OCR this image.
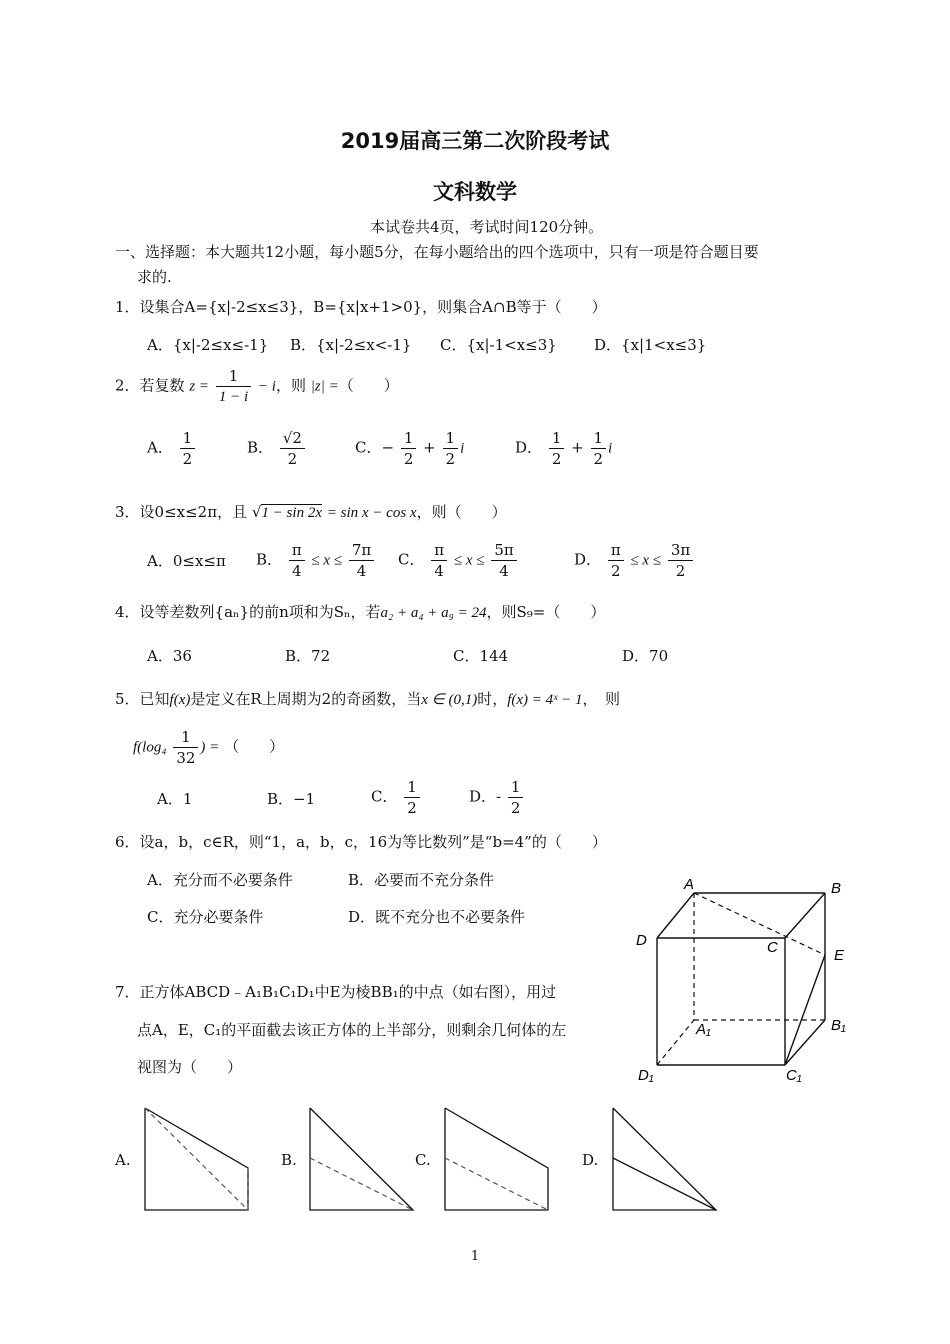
2019届高三第二次阶段考试
文科数学
本试卷共4页，考试时间120分钟。
一、选择题：本大题共12小题，每小题5分，在每小题给出的四个选项中，只有一项是符合题目要
求的.
1．设集合A={x|-2≤x≤3}，B={x|x+1>0}，则集合A∩B等于（　　）
A．{x|-2≤x≤-1} B．{x|-2≤x<-1} C．{x|-1<x≤3} D．{x|1<x≤3}
2．若复数 $z = \frac{1}{1 - i} - i$，则 |z| =（　　）
A． $\frac{1}{2}$	B． $\frac{√2}{2}$	C．− $\frac{1}{2} + \frac{1}{2}$ i	D． $\frac{1}{2} + \frac{1}{2}$ i
3．设0≤x≤2π，且 √1 − sin 2x = sin x − cos x，则（　　）
A．0≤x≤π B． $\frac{\pi}{4} \le x \le \frac{7\pi}{4}$ C． $\frac{\pi}{4} \le x \le \frac{5\pi}{4}$	D． $\frac{\pi}{2} \le x \le \frac{3\pi}{2}$
4．设等差数列{aₙ}的前n项和为Sₙ，若a₂ + a₄ + a₉ = 24，则S₉=（　　）
A．36	B．72	C．144	D．70
5．已知f(x)是定义在R上周期为2的奇函数，当x ∈ (0,1)时，f(x) = 4ˣ − 1，　则
$f(\log_4 \frac{1}{32}$ ) = （　　）
A．1	B．−1	C． $\frac{1}{2}$	D．- $\frac{1}{2}$
6．设a，b，c∈R，则“1，a，b，c，16为等比数列”是“b=4”的（　　）
A．充分而不必要条件	B．必要而不充分条件
C．充分必要条件	D．既不充分也不必要条件
7．正方体ABCD﹣A₁B₁C₁D₁中E为棱BB₁的中点（如右图），用过
点A，E，C₁的平面截去该正方体的上半部分，则剩余几何体的左
视图为（　　）
A	B
C
D
E
A₁	B₁
C₁
D₁
A.	B.	C.	D.
1
